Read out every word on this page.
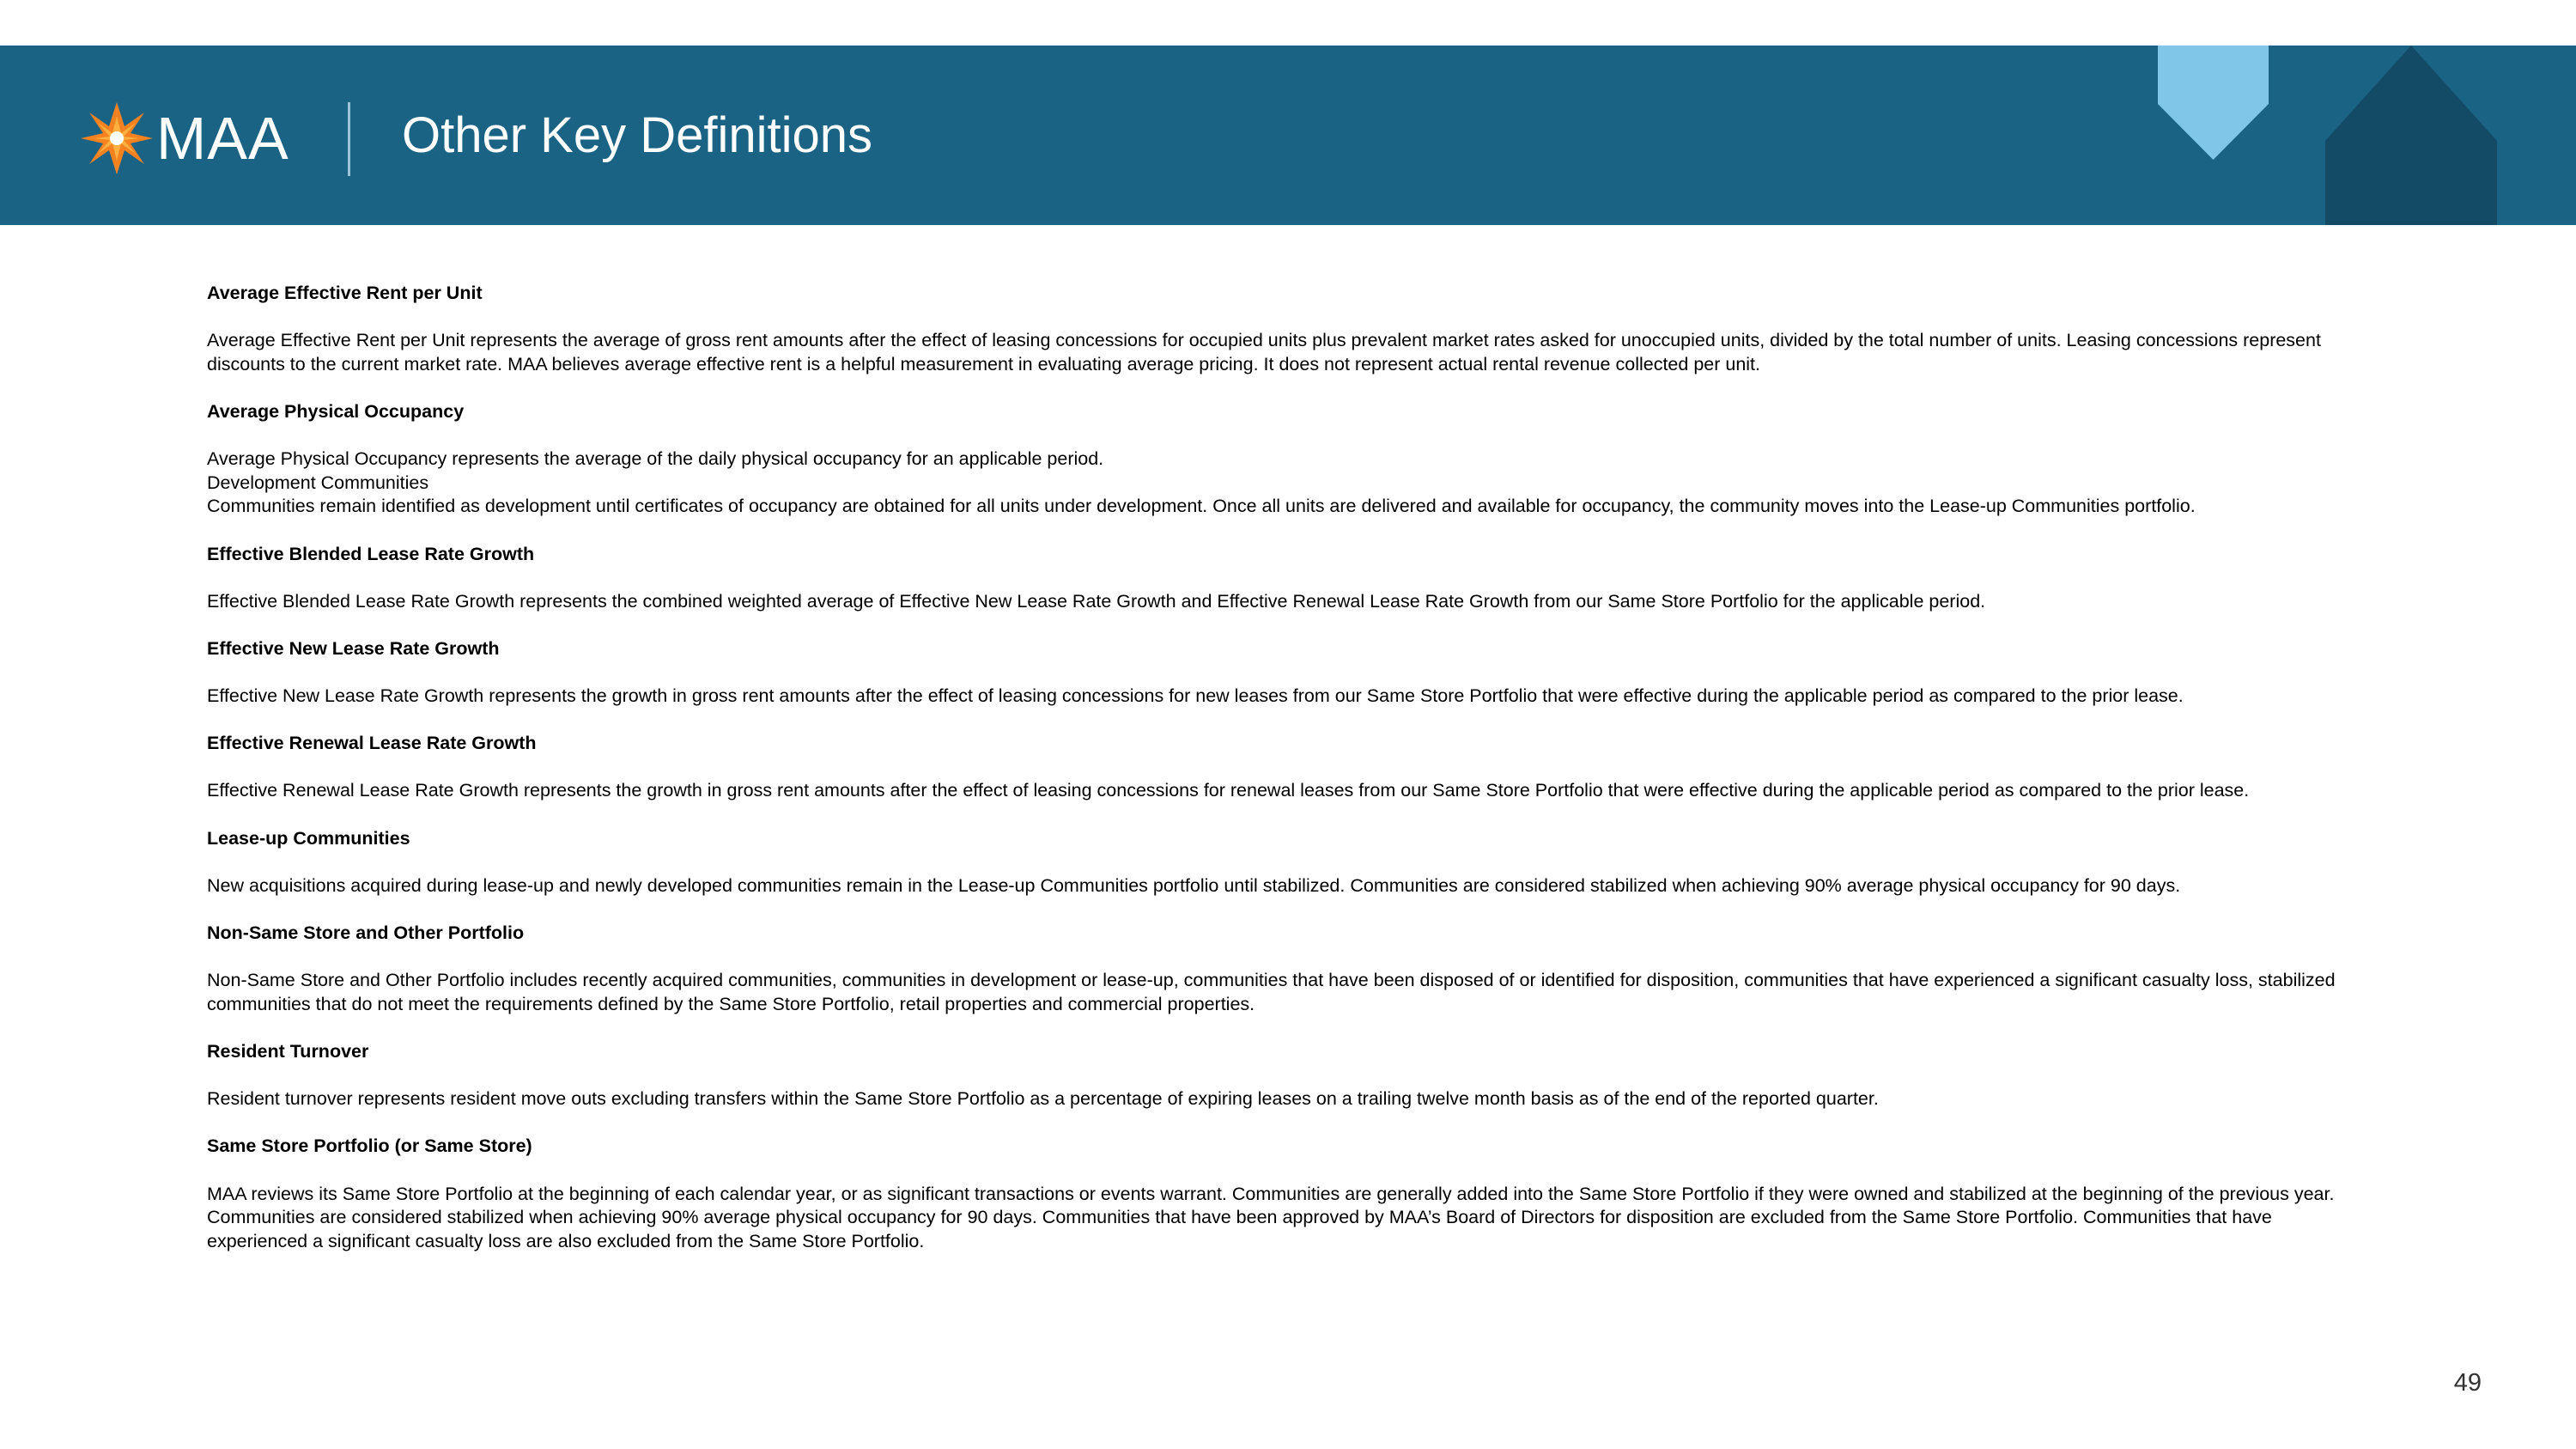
MAA Other Key Definitions

Average Effective Rent per Unit

Average Effective Rent per Unit represents the average of gross rent amounts after the effect of leasing concessions for occupied units plus prevalent market rates asked for unoccupied units, divided by the total number of units. Leasing concessions represent discounts to the current market rate. MAA believes average effective rent is a helpful measurement in evaluating average pricing. It does not represent actual rental revenue collected per unit.

Average Physical Occupancy

Average Physical Occupancy represents the average of the daily physical occupancy for an applicable period.

Development Communities

Communities remain identified as development until certificates of occupancy are obtained for all units under development. Once all units are delivered and available for occupancy, the community moves into the Lease-up Communities portfolio.

Effective Blended Lease Rate Growth

Effective Blended Lease Rate Growth represents the combined weighted average of Effective New Lease Rate Growth and Effective Renewal Lease Rate Growth from our Same Store Portfolio for the applicable period.

Effective New Lease Rate Growth

Effective New Lease Rate Growth represents the growth in gross rent amounts after the effect of leasing concessions for new leases from our Same Store Portfolio that were effective during the applicable period as compared to the prior lease.

Effective Renewal Lease Rate Growth

Effective Renewal Lease Rate Growth represents the growth in gross rent amounts after the effect of leasing concessions for renewal leases from our Same Store Portfolio that were effective during the applicable period as compared to the prior lease.

Lease-up Communities

New acquisitions acquired during lease-up and newly developed communities remain in the Lease-up Communities portfolio until stabilized. Communities are considered stabilized when achieving 90% average physical occupancy for 90 days.

Non-Same Store and Other Portfolio

Non-Same Store and Other Portfolio includes recently acquired communities, communities in development or lease-up, communities that have been disposed of or identified for disposition, communities that have experienced a significant casualty loss, stabilized communities that do not meet the requirements defined by the Same Store Portfolio, retail properties and commercial properties.

Resident Turnover

Resident turnover represents resident move outs excluding transfers within the Same Store Portfolio as a percentage of expiring leases on a trailing twelve month basis as of the end of the reported quarter.

Same Store Portfolio (or Same Store)

MAA reviews its Same Store Portfolio at the beginning of each calendar year, or as significant transactions or events warrant. Communities are generally added into the Same Store Portfolio if they were owned and stabilized at the beginning of the previous year. Communities are considered stabilized when achieving 90% average physical occupancy for 90 days. Communities that have been approved by MAA’s Board of Directors for disposition are excluded from the Same Store Portfolio. Communities that have experienced a significant casualty loss are also excluded from the Same Store Portfolio.

49
